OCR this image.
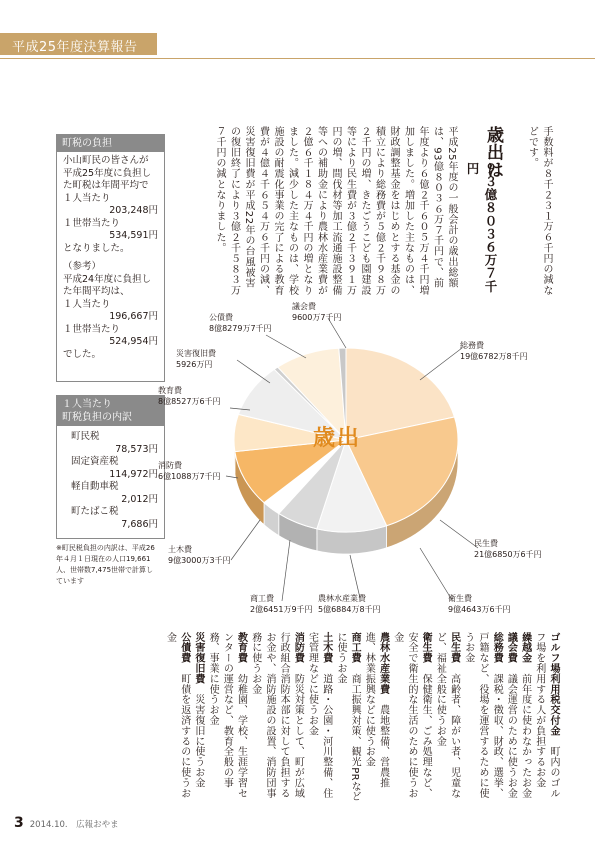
平成25年度決算報告
手数料が８千２３１万６千円の減などです。
歳出は
９３億８０３６万７千円
平成25年度の一般会計の歳出総額は、93億８０３６万７千円で、前年度より６億２千６０５万４千円増加しました。増加した主なものは、財政調整基金をはじめとする基金の積立により総務費が５億２千９８万２千円の増、きたごうこども園建設等により民生費が３億２千３９１万円の増、間伐材等加工流通施設整備等への補助金により農林水産業費が２億６千１８４万４千円の増となりました。減少した主なものは、学校施設の耐震化事業の完了による教育費が４億４千６５４万６千円の減、災害復旧費が平成22年の台風被害の復旧終了により３億２千５８３万７千円の減となりました。
町税の負担
小山町民の皆さんが
平成25年度に負担した町税は年間平均で
１人当たり
203,248円
１世帯当たり
534,591円
となりました。
（参考）
平成24年度に負担した年間平均は、
１人当たり
196,667円
１世帯当たり
524,954円
でした。
１人当たり
町税負担の内訳
町民税
78,573円
固定資産税
114,972円
軽自動車税
2,012円
町たばこ税
7,686円
※町民税負担の内訳は、平成26年４月１日現在の人口19,661人、世帯数7,475世帯で計算しています
歳出
議会費
9600万7千円
総務費
19億6782万8千円
民生費
21億6850万6千円
衛生費
9億4643万6千円
農林水産業費
5億6884万8千円
商工費
2億6451万9千円
土木費
9億3000万3千円
消防費
6億1088万7千円
教育費
8億8527万6千円
災害復旧費
5926万円
公債費
8億8279万7千円
ゴルフ場利用税交付金　町内のゴルフ場を利用する人が負担するお金
繰越金　前年度に使わなかったお金
議会費　議会運営のために使うお金
総務費　課税・徴収、財政、選挙、戸籍など、役場を運営するために使うお金
民生費　高齢者、障がい者、児童など、福祉全般に使うお金
衛生費　保健衛生、ごみ処理など、安全で衛生的な生活のために使うお金
農林水産業費　農地整備、営農推進、林業振興などに使うお金
商工費　商工振興対策、観光PRなどに使うお金
土木費　道路・公園・河川整備、住宅管理などに使うお金
消防費　防災対策として、町が広域行政組合消防本部に対して負担するお金や、消防施設の設置、消防団事務に使うお金
教育費　幼稚園、学校、生涯学習センターの運営など、教育全般の事務、事業に使うお金
災害復旧費　災害復旧に使うお金
公債費　町債を返済するのに使うお金
3 2014.10.　 広報おやま
